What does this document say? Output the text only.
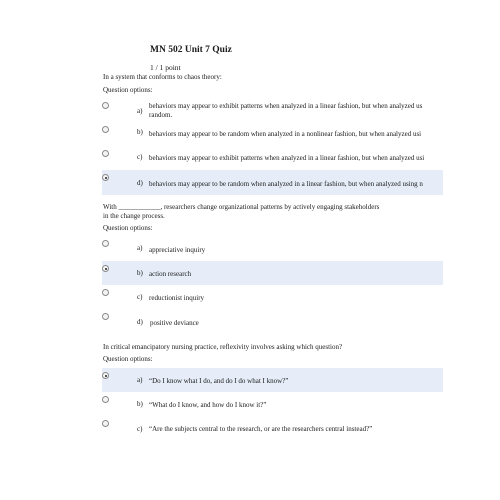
MN 502 Unit 7 Quiz
1 / 1 point
In a system that conforms to chaos theory:
Question options:
a)
behaviors may appear to exhibit patterns when analyzed in a linear fashion, but when analyzed us
random.
b) behaviors may appear to be random when analyzed in a nonlinear fashion, but when analyzed usi
c) behaviors may appear to exhibit patterns when analyzed in a linear fashion, but when analyzed usi
d) behaviors may appear to be random when analyzed in a linear fashion, but when analyzed using n
With ____________, researchers change organizational patterns by actively engaging stakeholders
in the change process.
Question options:
a) appreciative inquiry
b) action research
c) reductionist inquiry
d) positive deviance
In critical emancipatory nursing practice, reflexivity involves asking which question?
Question options:
a) “Do I know what I do, and do I do what I know?”
b) “What do I know, and how do I know it?”
c) “Are the subjects central to the research, or are the researchers central instead?”
